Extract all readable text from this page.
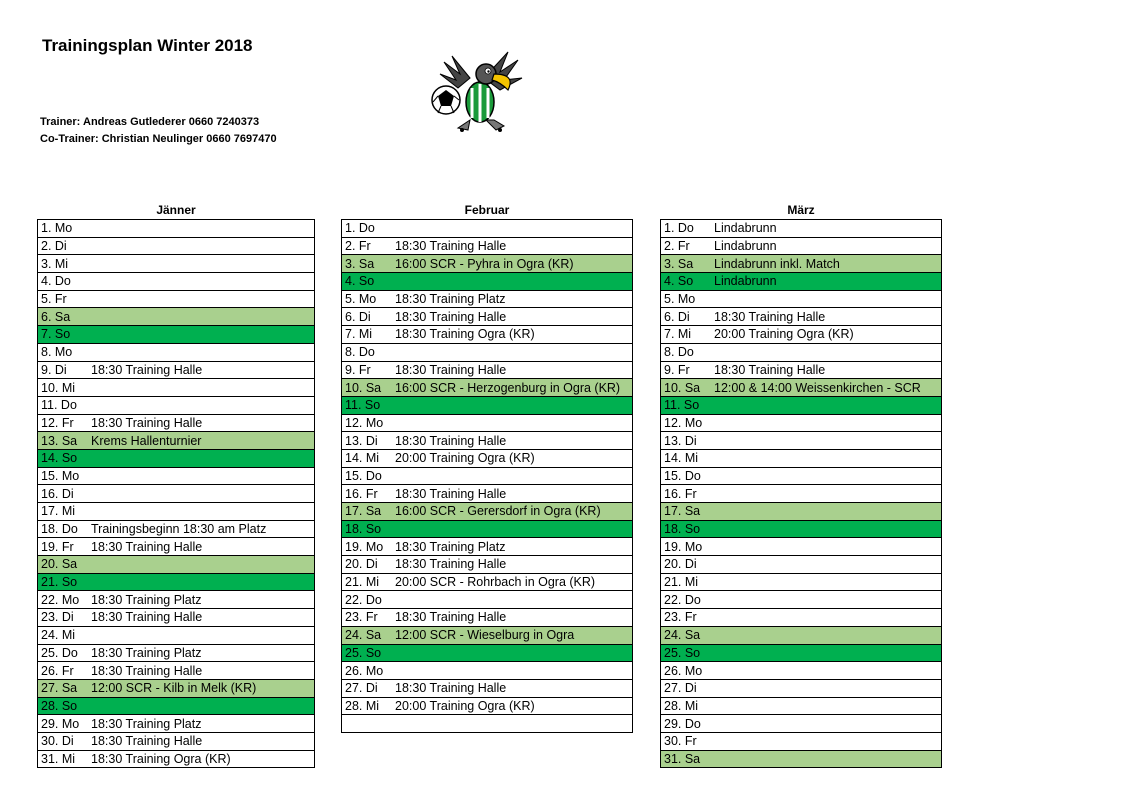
Trainingsplan Winter 2018
Trainer: Andreas Gutlederer 0660 7240373
Co-Trainer: Christian Neulinger 0660 7697470
Jänner
1. Mo
2. Di
3. Mi
4. Do
5. Fr
6. Sa
7. So
8. Mo
9. Di 18:30 Training Halle
10. Mi
11. Do
12. Fr 18:30 Training Halle
13. Sa Krems Hallenturnier
14. So
15. Mo
16. Di
17. Mi
18. Do Trainingsbeginn 18:30 am Platz
19. Fr 18:30 Training Halle
20. Sa
21. So
22. Mo 18:30 Training Platz
23. Di 18:30 Training Halle
24. Mi
25. Do 18:30 Training Platz
26. Fr 18:30 Training Halle
27. Sa 12:00 SCR - Kilb in Melk (KR)
28. So
29. Mo 18:30 Training Platz
30. Di 18:30 Training Halle
31. Mi 18:30 Training Ogra (KR)
Februar
1. Do
2. Fr 18:30 Training Halle
3. Sa 16:00 SCR - Pyhra in Ogra (KR)
4. So
5. Mo 18:30 Training Platz
6. Di 18:30 Training Halle
7. Mi 18:30 Training Ogra (KR)
8. Do
9. Fr 18:30 Training Halle
10. Sa 16:00 SCR - Herzogenburg in Ogra (KR)
11. So
12. Mo
13. Di 18:30 Training Halle
14. Mi 20:00 Training Ogra (KR)
15. Do
16. Fr 18:30 Training Halle
17. Sa 16:00 SCR - Gerersdorf in Ogra (KR)
18. So
19. Mo 18:30 Training Platz
20. Di 18:30 Training Halle
21. Mi 20:00 SCR - Rohrbach in Ogra (KR)
22. Do
23. Fr 18:30 Training Halle
24. Sa 12:00 SCR - Wieselburg in Ogra
25. So
26. Mo
27. Di 18:30 Training Halle
28. Mi 20:00 Training Ogra (KR)

März
1. Do Lindabrunn
2. Fr Lindabrunn
3. Sa Lindabrunn inkl. Match
4. So Lindabrunn
5. Mo
6. Di 18:30 Training Halle
7. Mi 20:00 Training Ogra (KR)
8. Do
9. Fr 18:30 Training Halle
10. Sa 12:00 & 14:00 Weissenkirchen - SCR
11. So
12. Mo
13. Di
14. Mi
15. Do
16. Fr
17. Sa
18. So
19. Mo
20. Di
21. Mi
22. Do
23. Fr
24. Sa
25. So
26. Mo
27. Di
28. Mi
29. Do
30. Fr
31. Sa
